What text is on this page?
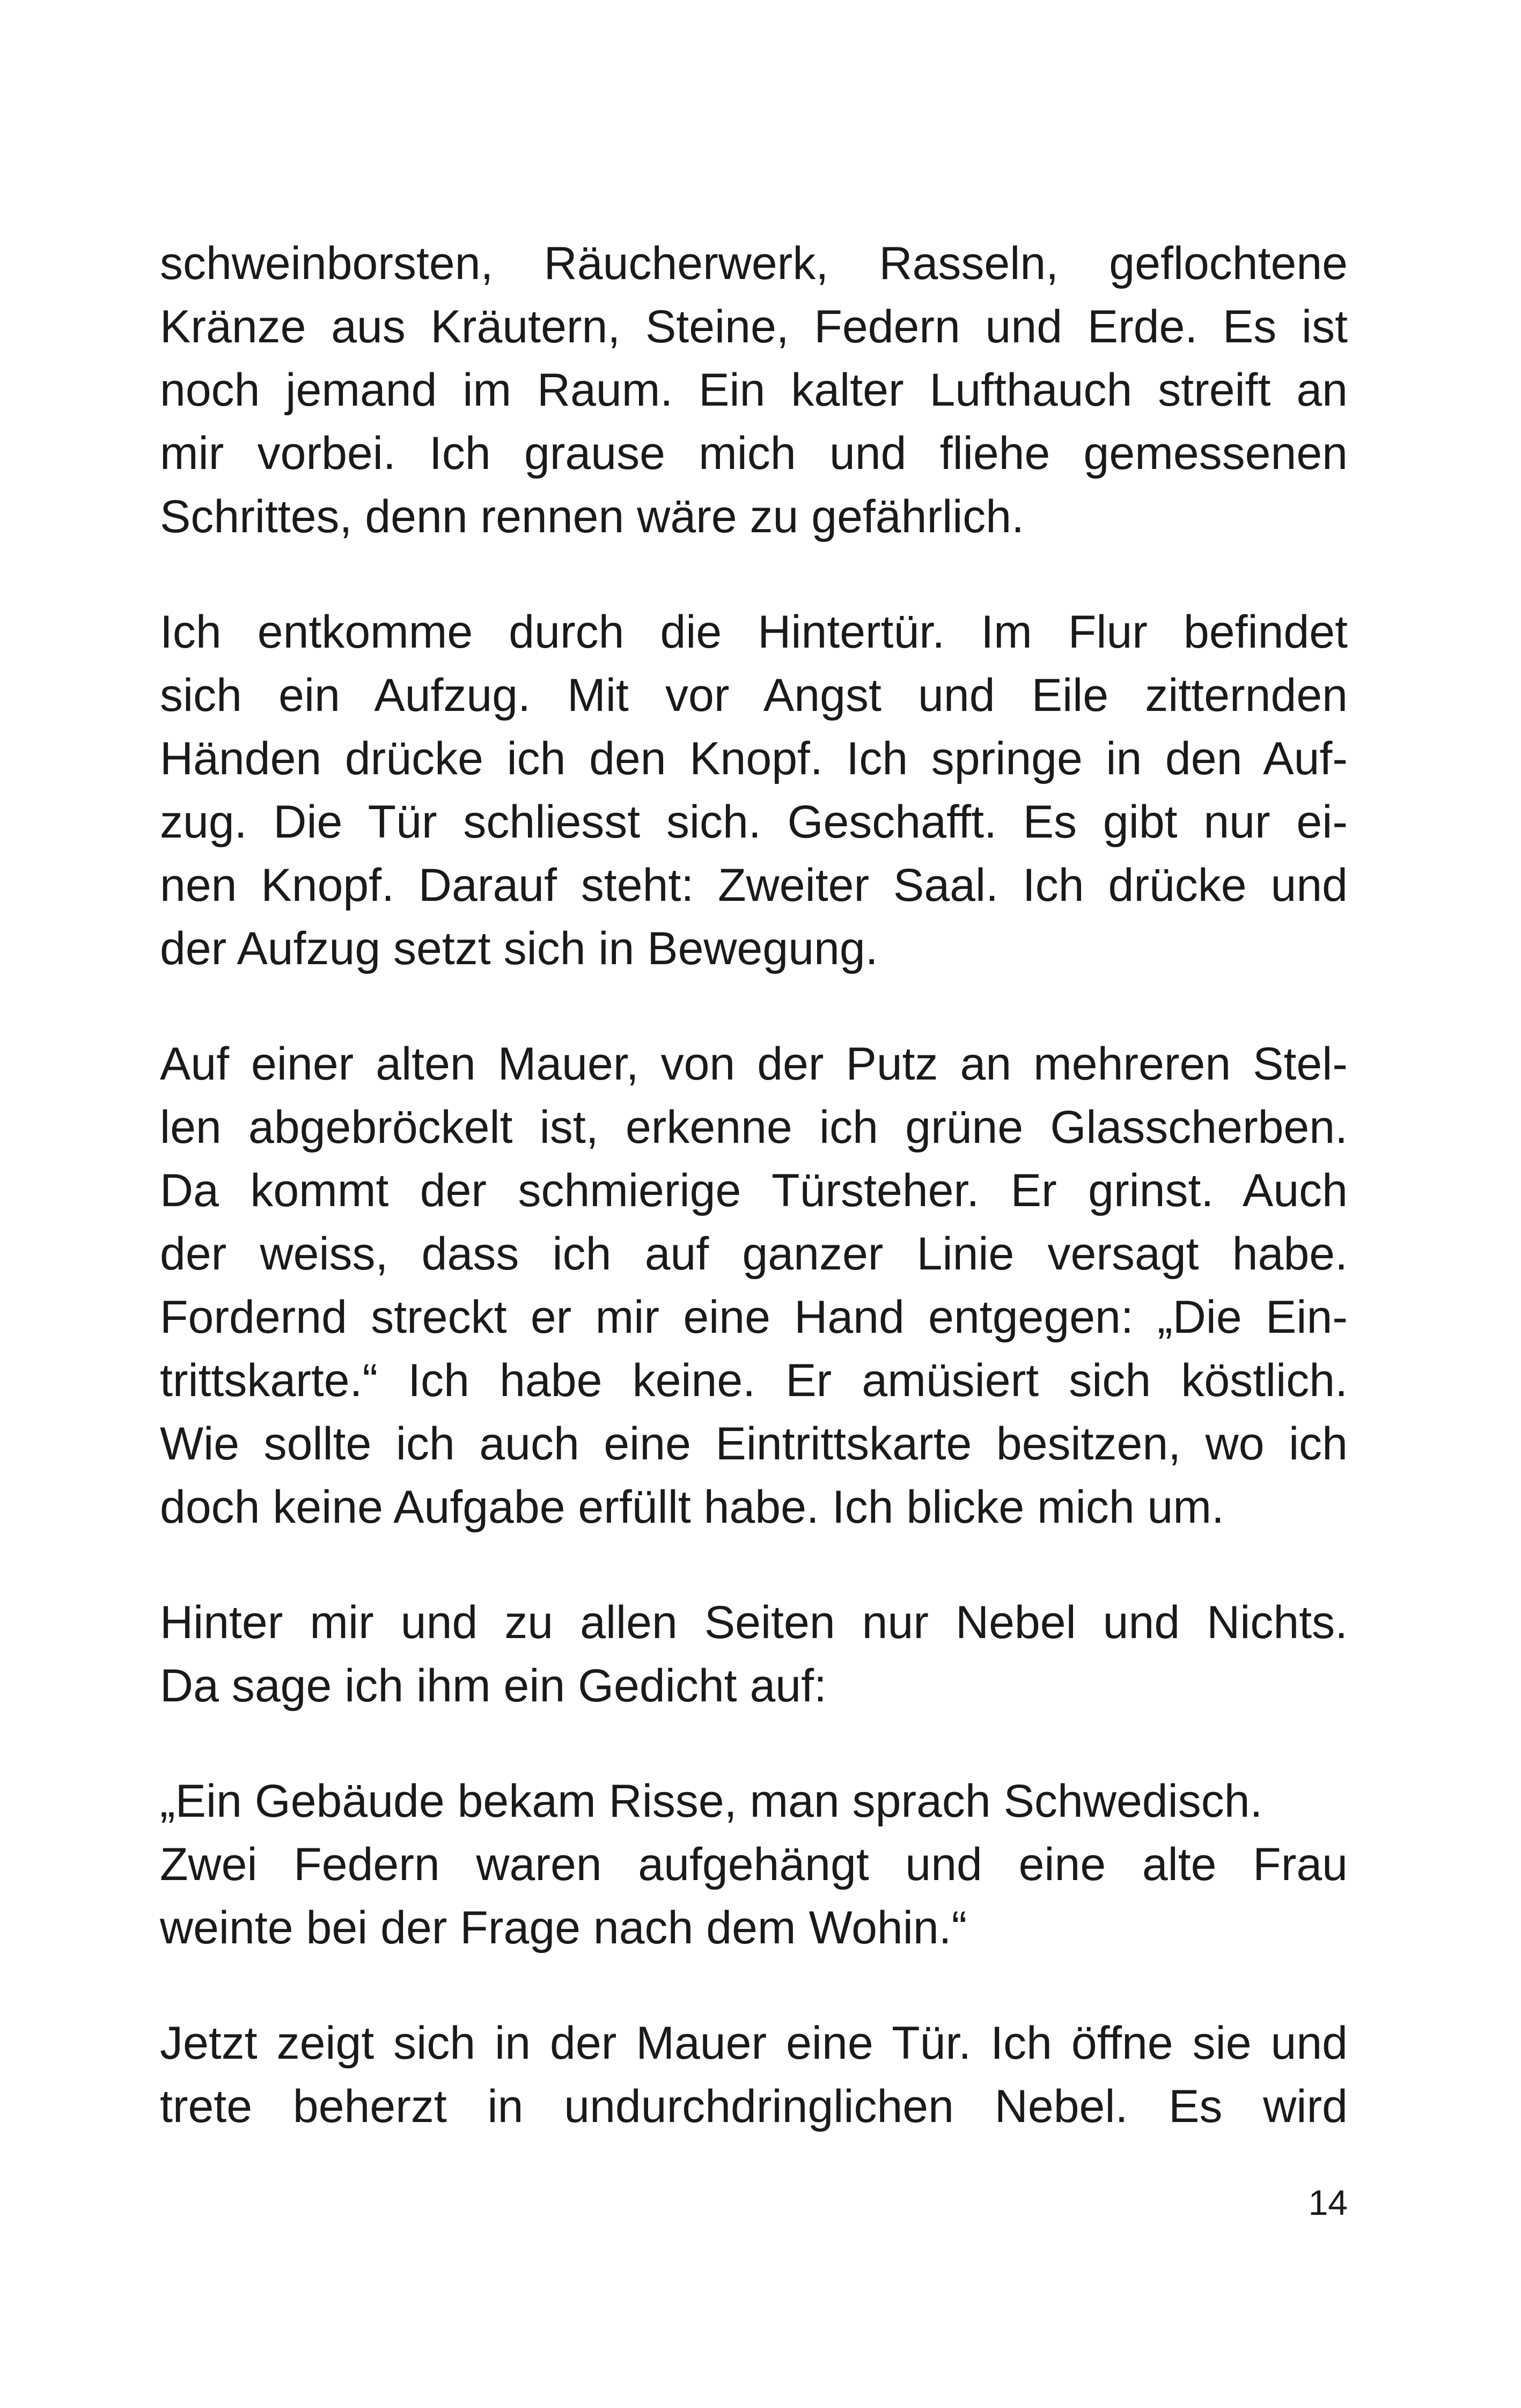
schweinborsten, Räucherwerk, Rasseln, geflochtene
Kränze aus Kräutern, Steine, Federn und Erde. Es ist
noch jemand im Raum. Ein kalter Lufthauch streift an
mir vorbei. Ich grause mich und fliehe gemessenen
Schrittes, denn rennen wäre zu gefährlich.
Ich entkomme durch die Hintertür. Im Flur befindet
sich ein Aufzug. Mit vor Angst und Eile zitternden
Händen drücke ich den Knopf. Ich springe in den Auf-
zug. Die Tür schliesst sich. Geschafft. Es gibt nur ei-
nen Knopf. Darauf steht: Zweiter Saal. Ich drücke und
der Aufzug setzt sich in Bewegung.
Auf einer alten Mauer, von der Putz an mehreren Stel-
len abgebröckelt ist, erkenne ich grüne Glasscherben.
Da kommt der schmierige Türsteher. Er grinst. Auch
der weiss, dass ich auf ganzer Linie versagt habe.
Fordernd streckt er mir eine Hand entgegen: „Die Ein-
trittskarte.“ Ich habe keine. Er amüsiert sich köstlich.
Wie sollte ich auch eine Eintrittskarte besitzen, wo ich
doch keine Aufgabe erfüllt habe. Ich blicke mich um.
Hinter mir und zu allen Seiten nur Nebel und Nichts.
Da sage ich ihm ein Gedicht auf:
„Ein Gebäude bekam Risse, man sprach Schwedisch.
Zwei Federn waren aufgehängt und eine alte Frau
weinte bei der Frage nach dem Wohin.“
Jetzt zeigt sich in der Mauer eine Tür. Ich öffne sie und
trete beherzt in undurchdringlichen Nebel. Es wird
14
